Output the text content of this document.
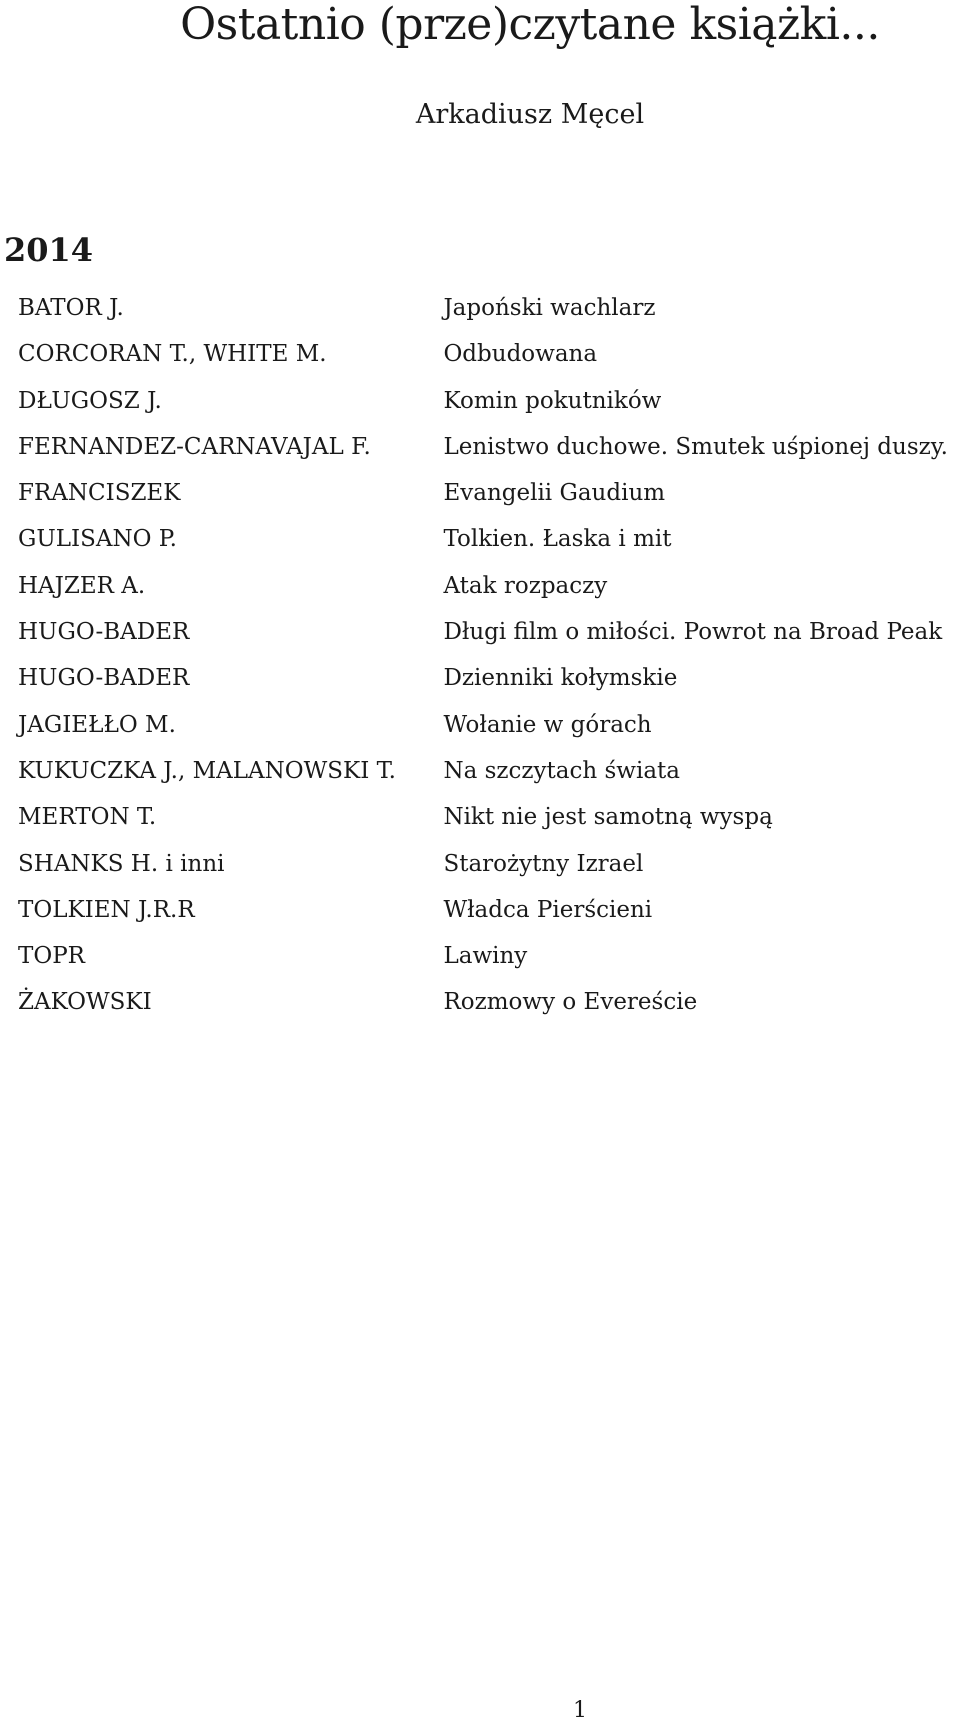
Ostatnio (prze)czytane książki...
Arkadiusz Męcel
2014
BATOR J.	Japoński wachlarz
CORCORAN T., WHITE M.	Odbudowana
DŁUGOSZ J.	Komin pokutników
FERNANDEZ-CARNAVAJAL F.	Lenistwo duchowe. Smutek uśpionej duszy.
FRANCISZEK	Evangelii Gaudium
GULISANO P.	Tolkien. Łaska i mit
HAJZER A.	Atak rozpaczy
HUGO-BADER	Długi film o miłości. Powrot na Broad Peak
HUGO-BADER	Dzienniki kołymskie
JAGIEŁŁO M.	Wołanie w górach
KUKUCZKA J., MALANOWSKI T.	Na szczytach świata
MERTON T.	Nikt nie jest samotną wyspą
SHANKS H. i inni	Starożytny Izrael
TOLKIEN J.R.R	Władca Pierścieni
TOPR	Lawiny
ŻAKOWSKI	Rozmowy o Evereście
1
